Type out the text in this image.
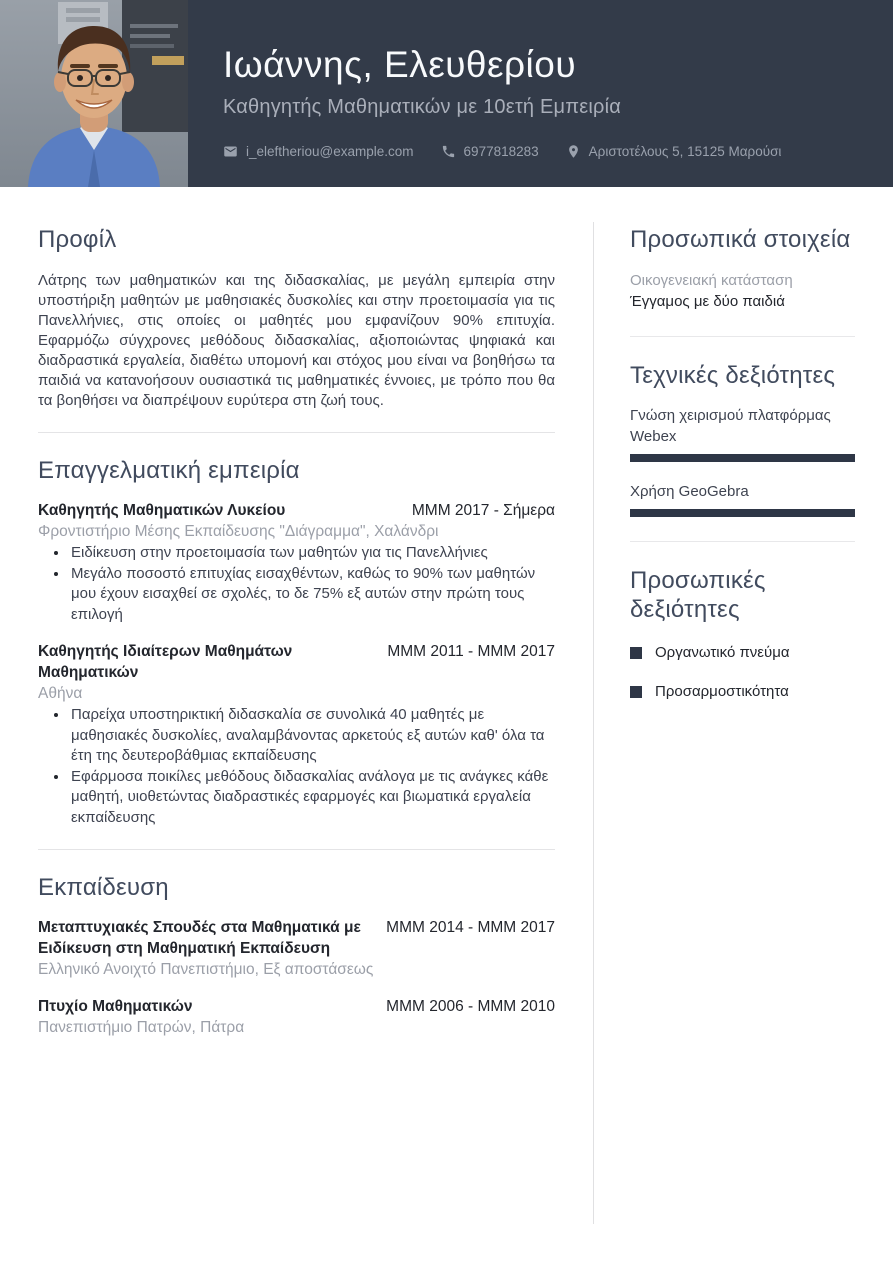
Ιωάννης, Ελευθερίου
Καθηγητής Μαθηματικών με 10ετή Εμπειρία
i_eleftheriou@example.com	6977818283	Αριστοτέλους 5, 15125 Μαρούσι
Προφίλ

Λάτρης των μαθηματικών και της διδασκαλίας, με μεγάλη εμπειρία στην υποστήριξη μαθητών με μαθησιακές δυσκολίες και στην προετοιμασία για τις Πανελλήνιες, στις οποίες οι μαθητές μου εμφανίζουν 90% επιτυχία. Εφαρμόζω σύγχρονες μεθόδους διδασκαλίας, αξιοποιώντας ψηφιακά και διαδραστικά εργαλεία, διαθέτω υπομονή και στόχος μου είναι να βοηθήσω τα παιδιά να κατανοήσουν ουσιαστικά τις μαθηματικές έννοιες, με τρόπο που θα τα βοηθήσει να διαπρέψουν ευρύτερα στη ζωή τους.

Επαγγελματική εμπειρία
Καθηγητής Μαθηματικών Λυκείου	MMM 2017 - Σήμερα
Φροντιστήριο Μέσης Εκπαίδευσης "Διάγραμμα", Χαλάνδρι
• Ειδίκευση στην προετοιμασία των μαθητών για τις Πανελλήνιες
• Μεγάλο ποσοστό επιτυχίας εισαχθέντων, καθώς το 90% των μαθητών μου έχουν εισαχθεί σε σχολές, το δε 75% εξ αυτών στην πρώτη τους επιλογή
Καθηγητής Ιδιαίτερων Μαθημάτων Μαθηματικών
MMM 2011 - MMM 2017
Αθήνα
• Παρείχα υποστηρικτική διδασκαλία σε συνολικά 40 μαθητές με μαθησιακές δυσκολίες, αναλαμβάνοντας αρκετούς εξ αυτών καθ' όλα τα έτη της δευτεροβάθμιας εκπαίδευσης
• Εφάρμοσα ποικίλες μεθόδους διδασκαλίας ανάλογα με τις ανάγκες κάθε μαθητή, υιοθετώντας διαδραστικές εφαρμογές και βιωματικά εργαλεία εκπαίδευσης
Εκπαίδευση
Μεταπτυχιακές Σπουδές στα Μαθηματικά με Ειδίκευση στη Μαθηματική Εκπαίδευση
MMM 2014 - MMM 2017
Ελληνικό Ανοιχτό Πανεπιστήμιο, Εξ αποστάσεως
Πτυχίο Μαθηματικών	MMM 2006 - MMM 2010
Πανεπιστήμιο Πατρών, Πάτρα
Προσωπικά στοιχεία
Οικογενειακή κατάσταση
Έγγαμος με δύο παιδιά
Τεχνικές δεξιότητες
Γνώση χειρισμού πλατφόρμας Webex
Χρήση GeoGebra
Προσωπικές δεξιότητες
Οργανωτικό πνεύμα
Προσαρμοστικότητα
